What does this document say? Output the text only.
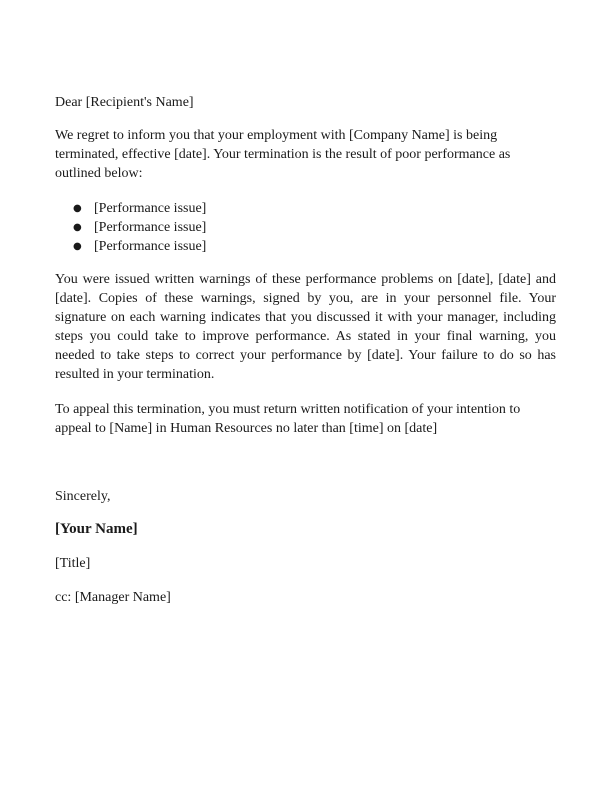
Dear [Recipient's Name]

We regret to inform you that your employment with [Company Name] is being terminated, effective [date]. Your termination is the result of poor performance as outlined below:

● [Performance issue]
● [Performance issue]
● [Performance issue]

You were issued written warnings of these performance problems on [date], [date] and [date]. Copies of these warnings, signed by you, are in your personnel file. Your signature on each warning indicates that you discussed it with your manager, including steps you could take to improve performance. As stated in your final warning, you needed to take steps to correct your performance by [date]. Your failure to do so has resulted in your termination.

To appeal this termination, you must return written notification of your intention to appeal to [Name] in Human Resources no later than [time] on [date]

Sincerely,

[Your Name]

[Title]

cc: [Manager Name]
